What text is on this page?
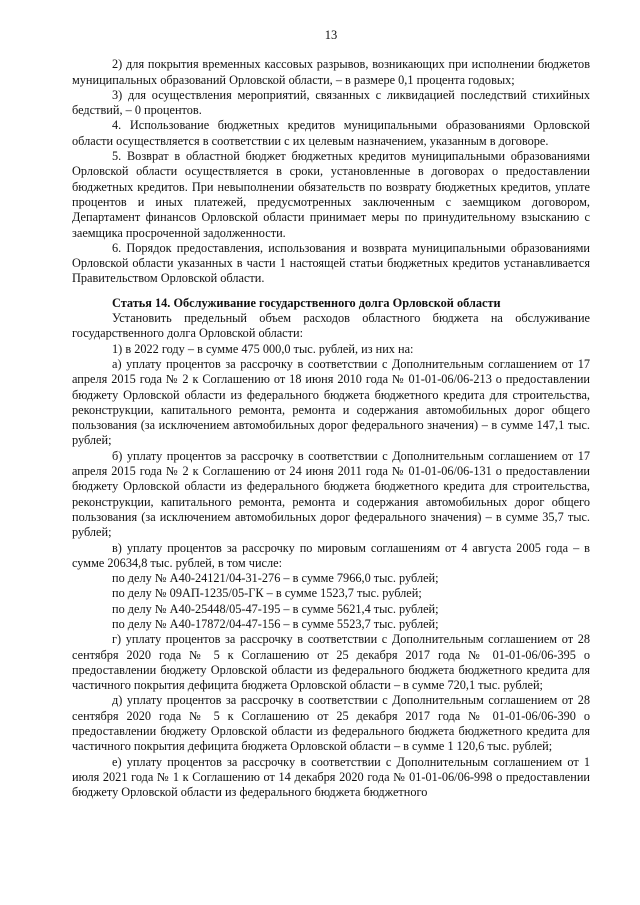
13

2) для покрытия временных кассовых разрывов, возникающих при исполнении бюджетов муниципальных образований Орловской области, – в размере 0,1 процента годовых;

3) для осуществления мероприятий, связанных с ликвидацией последствий стихийных бедствий, – 0 процентов.

4. Использование бюджетных кредитов муниципальными образованиями Орловской области осуществляется в соответствии с их целевым назначением, указанным в договоре.

5. Возврат в областной бюджет бюджетных кредитов муниципальными образованиями Орловской области осуществляется в сроки, установленные в договорах о предоставлении бюджетных кредитов. При невыполнении обязательств по возврату бюджетных кредитов, уплате процентов и иных платежей, предусмотренных заключенным с заемщиком договором, Департамент финансов Орловской области принимает меры по принудительному взысканию с заемщика просроченной задолженности.

6. Порядок предоставления, использования и возврата муниципальными образованиями Орловской области указанных в части 1 настоящей статьи бюджетных кредитов устанавливается Правительством Орловской области.

Статья 14. Обслуживание государственного долга Орловской области

Установить предельный объем расходов областного бюджета на обслуживание государственного долга Орловской области:

1) в 2022 году – в сумме 475 000,0 тыс. рублей, из них на:

а) уплату процентов за рассрочку в соответствии с Дополнительным соглашением от 17 апреля 2015 года № 2 к Соглашению от 18 июня 2010 года № 01-01-06/06-213 о предоставлении бюджету Орловской области из федерального бюджета бюджетного кредита для строительства, реконструкции, капитального ремонта, ремонта и содержания автомобильных дорог общего пользования (за исключением автомобильных дорог федерального значения) – в сумме 147,1 тыс. рублей;

б) уплату процентов за рассрочку в соответствии с Дополнительным соглашением от 17 апреля 2015 года № 2 к Соглашению от 24 июня 2011 года № 01-01-06/06-131 о предоставлении бюджету Орловской области из федерального бюджета бюджетного кредита для строительства, реконструкции, капитального ремонта, ремонта и содержания автомобильных дорог общего пользования (за исключением автомобильных дорог федерального значения) – в сумме 35,7 тыс. рублей;

в) уплату процентов за рассрочку по мировым соглашениям от 4 августа 2005 года – в сумме 20634,8 тыс. рублей, в том числе:

по делу № А40-24121/04-31-276 – в сумме 7966,0 тыс. рублей;

по делу № 09АП-1235/05-ГК – в сумме 1523,7 тыс. рублей;

по делу № А40-25448/05-47-195 – в сумме 5621,4 тыс. рублей;

по делу № А40-17872/04-47-156 – в сумме 5523,7 тыс. рублей;

г) уплату процентов за рассрочку в соответствии с Дополнительным соглашением от 28 сентября 2020 года № 5 к Соглашению от 25 декабря 2017 года № 01-01-06/06-395 о предоставлении бюджету Орловской области из федерального бюджета бюджетного кредита для частичного покрытия дефицита бюджета Орловской области – в сумме 720,1 тыс. рублей;

д) уплату процентов за рассрочку в соответствии с Дополнительным соглашением от 28 сентября 2020 года № 5 к Соглашению от 25 декабря 2017 года № 01-01-06/06-390 о предоставлении бюджету Орловской области из федерального бюджета бюджетного кредита для частичного покрытия дефицита бюджета Орловской области – в сумме 1 120,6 тыс. рублей;

е) уплату процентов за рассрочку в соответствии с Дополнительным соглашением от 1 июля 2021 года № 1 к Соглашению от 14 декабря 2020 года № 01-01-06/06-998 о предоставлении бюджету Орловской области из федерального бюджета бюджетного
